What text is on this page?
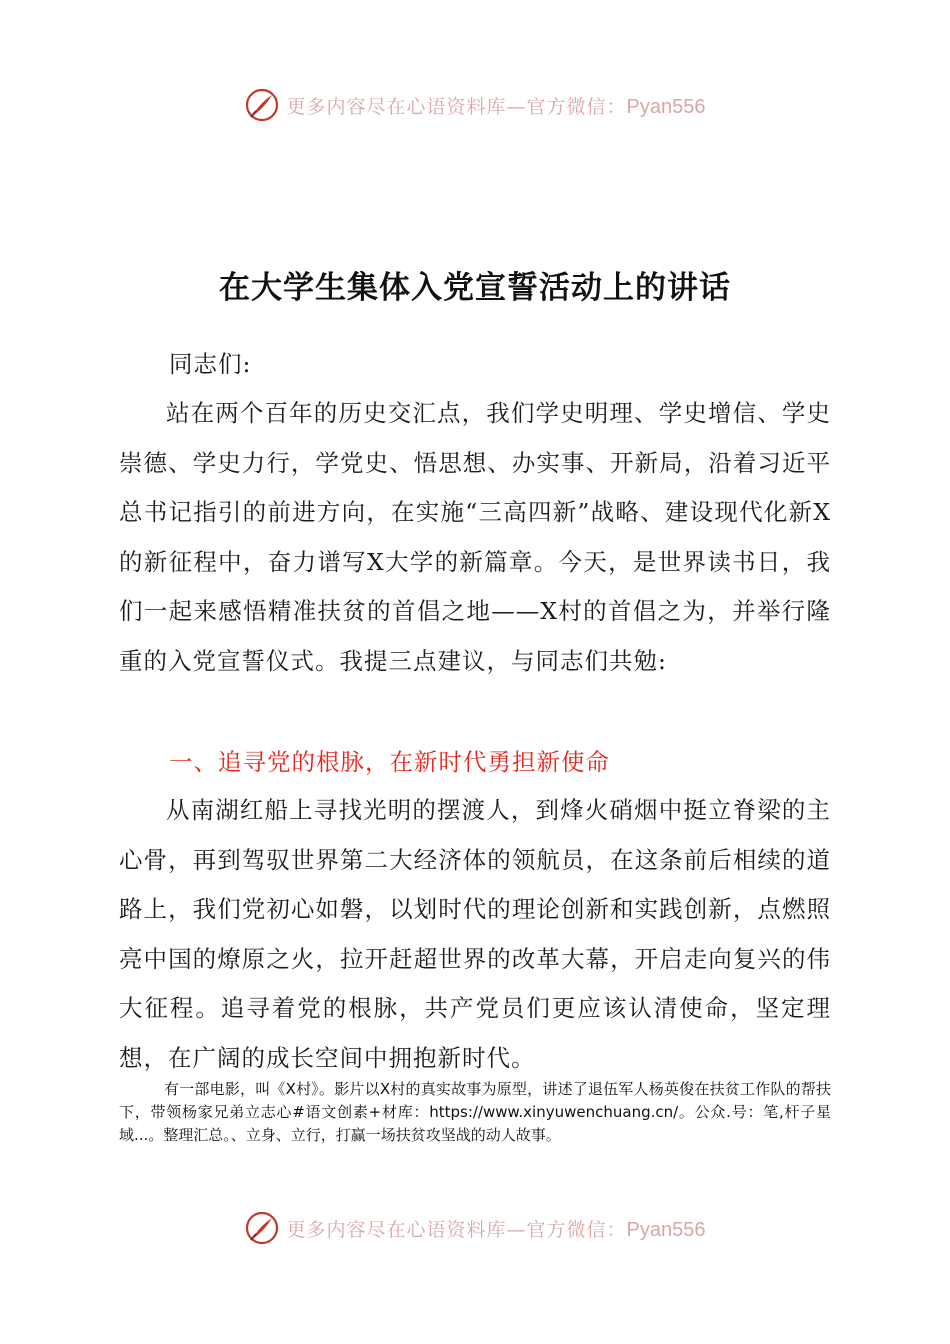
更多内容尽在心语资料库—官方微信：Pyan556
在大学生集体入党宣誓活动上的讲话

同志们:

站在两个百年的历史交汇点，我们学史明理、学史增信、学史崇德、学史力行，学党史、悟思想、办实事、开新局，沿着习近平总书记指引的前进方向，在实施“三高四新”战略、建设现代化新X的新征程中，奋力谱写X大学的新篇章。今天，是世界读书日，我们一起来感悟精准扶贫的首倡之地——X村的首倡之为，并举行隆重的入党宣誓仪式。我提三点建议，与同志们共勉:

一、追寻党的根脉，在新时代勇担新使命

从南湖红船上寻找光明的摆渡人，到烽火硝烟中挺立脊梁的主心骨，再到驾驭世界第二大经济体的领航员，在这条前后相续的道路上，我们党初心如磐，以划时代的理论创新和实践创新，点燃照亮中国的燎原之火，拉开赶超世界的改革大幕，开启走向复兴的伟大征程。追寻着党的根脉，共产党员们更应该认清使命，坚定理想，在广阔的成长空间中拥抱新时代。

有一部电影，叫《X村》。影片以X村的真实故事为原型，讲述了退伍军人杨英俊在扶贫工作队的帮扶下，带领杨家兄弟立志心#语文创素+材库：https://www.xinyuwenchuang.cn/。公众.号：笔,杆子星域...。整理汇总。、立身、立行，打赢一场扶贫攻坚战的动人故事。

更多内容尽在心语资料库—官方微信：Pyan556
